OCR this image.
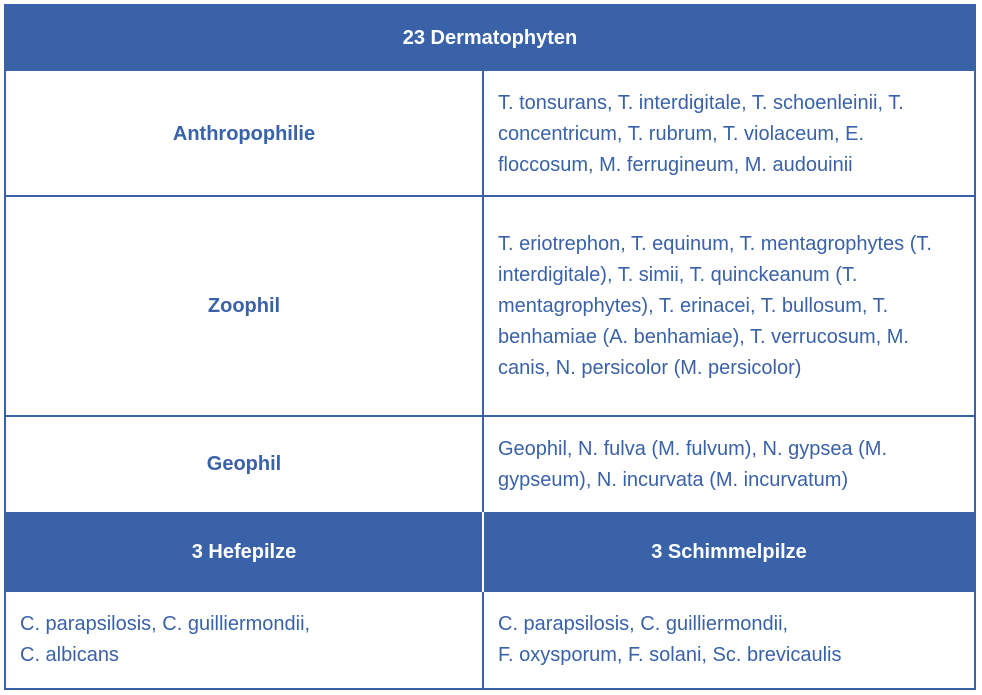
23 Dermatophyten
Anthropophilie
T. tonsurans, T. interdigitale, T. schoenleinii, T. concentricum, T. rubrum, T. violaceum, E. floccosum, M. ferrugineum, M. audouinii
Zoophil
T. eriotrephon, T. equinum, T. mentagrophytes (T. interdigitale), T. simii, T. quinckeanum (T. mentagrophytes), T. erinacei, T. bullosum, T. benhamiae (A. benhamiae), T. verrucosum, M. canis, N. persicolor (M. persicolor)
Geophil
Geophil, N. fulva (M. fulvum), N. gypsea (M. gypseum), N. incurvata (M. incurvatum)
3 Hefepilze	3 Schimmelpilze
C. parapsilosis, C. guilliermondii,
C. albicans
C. parapsilosis, C. guilliermondii,
F. oxysporum, F. solani, Sc. brevicaulis
